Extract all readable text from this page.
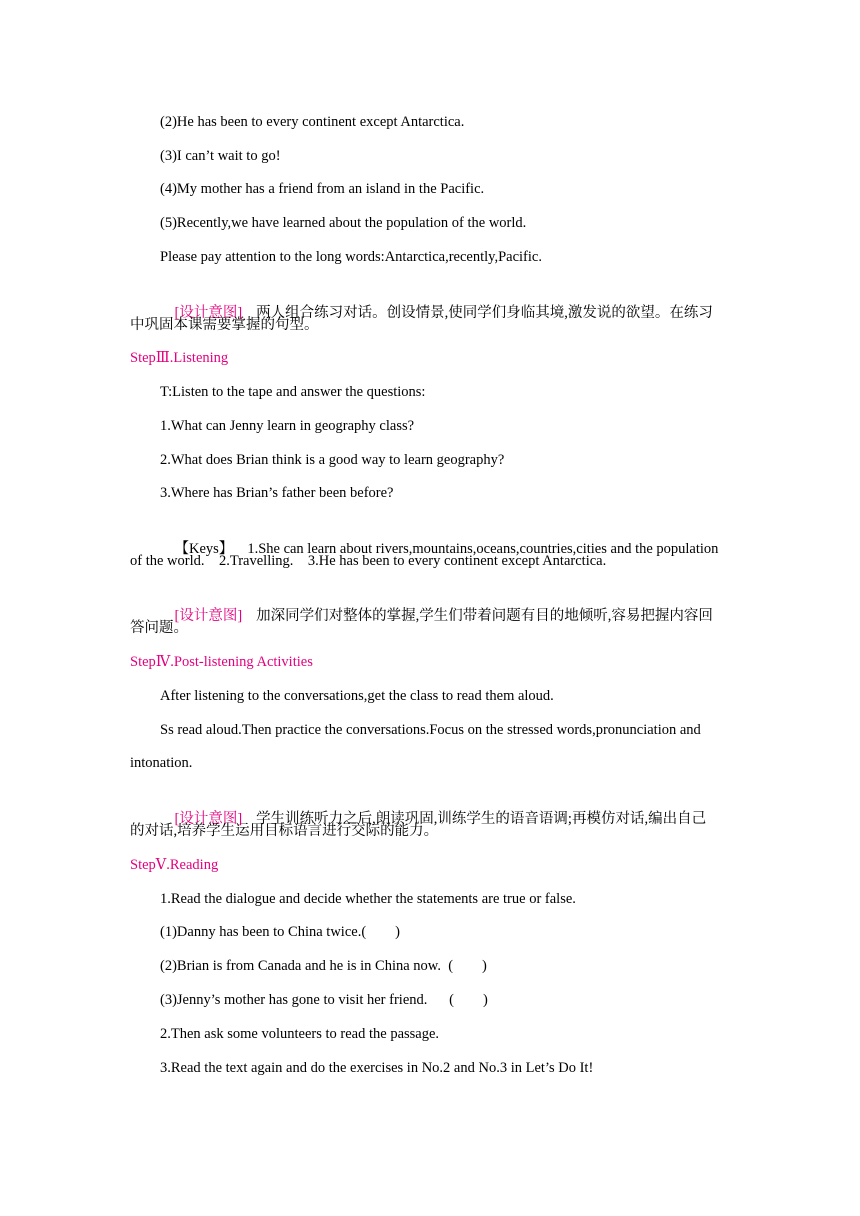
(2)He has been to every continent except Antarctica.
(3)I can’t wait to go!
(4)My mother has a friend from an island in the Pacific.
(5)Recently,we have learned about the population of the world.
Please pay attention to the long words:Antarctica,recently,Pacific.

[设计意图] 两人组合练习对话。创设情景,使同学们身临其境,激发说的欲望。在练习

中巩固本课需要掌握的句型。
StepⅢ.Listening
T:Listen to the tape and answer the questions:
1.What can Jenny learn in geography class?
2.What does Brian think is a good way to learn geography?
3.Where has Brian’s father been before?

【Keys】 1.She can learn about rivers,mountains,oceans,countries,cities and the population

of the world.    2.Travelling.    3.He has been to every continent except Antarctica.

[设计意图] 加深同学们对整体的掌握,学生们带着问题有目的地倾听,容易把握内容回

答问题。
StepⅣ.Post-listening Activities
After listening to the conversations,get the class to read them aloud.
Ss read aloud.Then practice the conversations.Focus on the stressed words,pronunciation and
intonation.

[设计意图] 学生训练听力之后,朗读巩固,训练学生的语音语调;再模仿对话,编出自己

的对话,培养学生运用目标语言进行交际的能力。
StepⅤ.Reading
1.Read the dialogue and decide whether the statements are true or false.
(1)Danny has been to China twice.(        )
(2)Brian is from Canada and he is in China now.  (        )
(3)Jenny’s mother has gone to visit her friend.      (        )
2.Then ask some volunteers to read the passage.
3.Read the text again and do the exercises in No.2 and No.3 in Let’s Do It!
